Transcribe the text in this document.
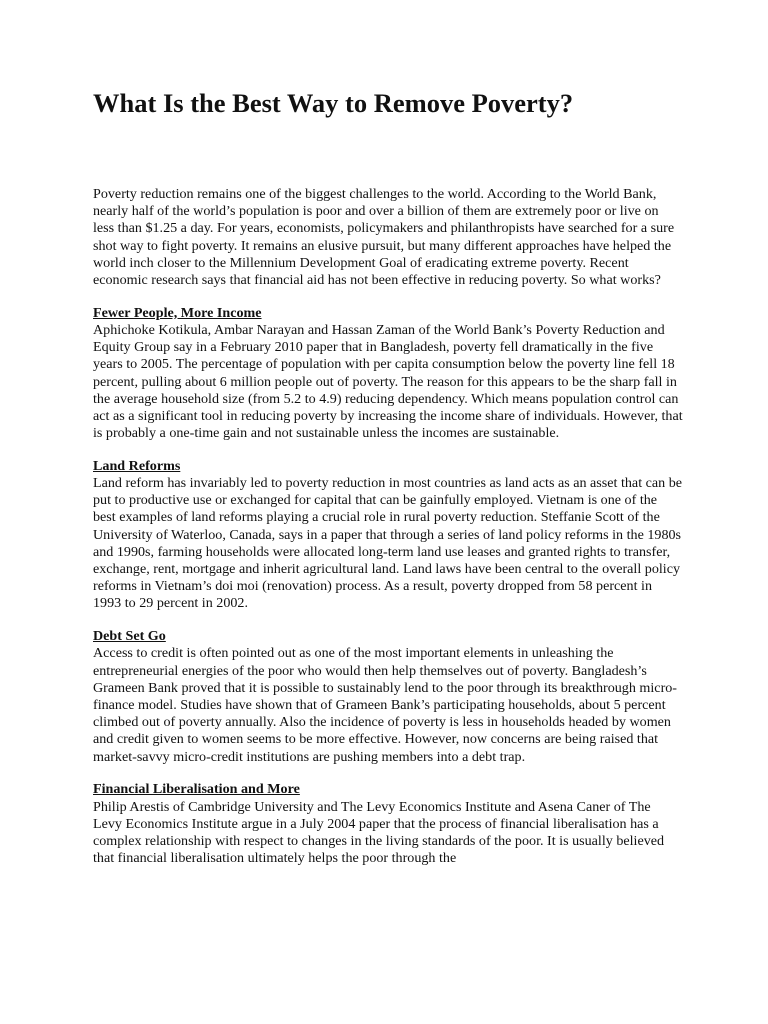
What Is the Best Way to Remove Poverty?

Poverty reduction remains one of the biggest challenges to the world. According to the World Bank, nearly half of the world’s population is poor and over a billion of them are extremely poor or live on less than $1.25 a day. For years, economists, policymakers and philanthropists have searched for a sure shot way to fight poverty. It remains an elusive pursuit, but many different approaches have helped the world inch closer to the Millennium Development Goal of eradicating extreme poverty. Recent economic research says that financial aid has not been effective in reducing poverty. So what works?

Fewer People, More Income

Aphichoke Kotikula, Ambar Narayan and Hassan Zaman of the World Bank’s Poverty Reduction and Equity Group say in a February 2010 paper that in Bangladesh, poverty fell dramatically in the five years to 2005. The percentage of population with per capita consumption below the poverty line fell 18 percent, pulling about 6 million people out of poverty. The reason for this appears to be the sharp fall in the average household size (from 5.2 to 4.9) reducing dependency. Which means population control can act as a significant tool in reducing poverty by increasing the income share of individuals. However, that is probably a one-time gain and not sustainable unless the incomes are sustainable.

Land Reforms

Land reform has invariably led to poverty reduction in most countries as land acts as an asset that can be put to productive use or exchanged for capital that can be gainfully employed. Vietnam is one of the best examples of land reforms playing a crucial role in rural poverty reduction. Steffanie Scott of the University of Waterloo, Canada, says in a paper that through a series of land policy reforms in the 1980s and 1990s, farming households were allocated long-term land use leases and granted rights to transfer, exchange, rent, mortgage and inherit agricultural land. Land laws have been central to the overall policy reforms in Vietnam’s doi moi (renovation) process. As a result, poverty dropped from 58 percent in 1993 to 29 percent in 2002.

Debt Set Go

Access to credit is often pointed out as one of the most important elements in unleashing the entrepreneurial energies of the poor who would then help themselves out of poverty. Bangladesh’s Grameen Bank proved that it is possible to sustainably lend to the poor through its breakthrough micro-finance model. Studies have shown that of Grameen Bank’s participating households, about 5 percent climbed out of poverty annually. Also the incidence of poverty is less in households headed by women and credit given to women seems to be more effective. However, now concerns are being raised that market-savvy micro-credit institutions are pushing members into a debt trap.

Financial Liberalisation and More

Philip Arestis of Cambridge University and The Levy Economics Institute and Asena Caner of The Levy Economics Institute argue in a July 2004 paper that the process of financial liberalisation has a complex relationship with respect to changes in the living standards of the poor. It is usually believed that financial liberalisation ultimately helps the poor through the
